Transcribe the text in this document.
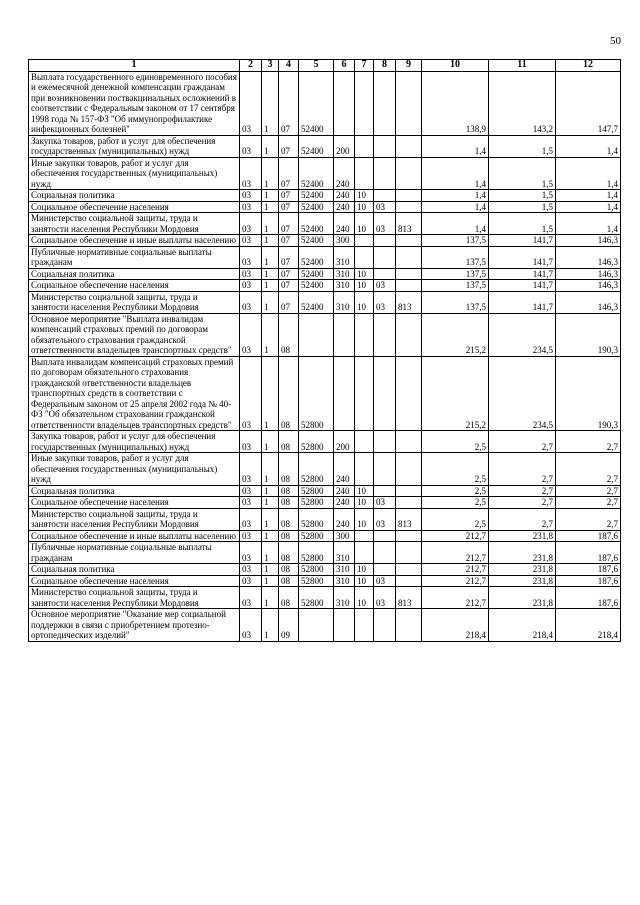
50
1	2	3	4	5	6	7	8	9	10	11	12
Выплата государственного единовременного пособия и ежемесячной денежной компенсации гражданам при возникновении поствакцинальных осложнений в соответствии с Федеральным законом от 17 сентября 1998 года № 157-ФЗ "Об иммунопрофилактике инфекционных болезней"	03	1	07	52400					138,9	143,2	147,7
Закупка товаров, работ и услуг для обеспечения государственных (муниципальных) нужд	03	1	07	52400	200				1,4	1,5	1,4
Иные закупки товаров, работ и услуг для обеспечения государственных (муниципальных) нужд	03	1	07	52400	240				1,4	1,5	1,4
Социальная политика	03	1	07	52400	240	10			1,4	1,5	1,4
Социальное обеспечение населения	03	1	07	52400	240	10	03		1,4	1,5	1,4
Министерство социальной защиты, труда и занятости населения Республики Мордовия	03	1	07	52400	240	10	03	813	1,4	1,5	1,4
Социальное обеспечение и иные выплаты населению	03	1	07	52400	300				137,5	141,7	146,3
Публичные нормативные социальные выплаты гражданам	03	1	07	52400	310				137,5	141,7	146,3
Социальная политика	03	1	07	52400	310	10			137,5	141,7	146,3
Социальное обеспечение населения	03	1	07	52400	310	10	03		137,5	141,7	146,3
Министерство социальной защиты, труда и занятости населения Республики Мордовия	03	1	07	52400	310	10	03	813	137,5	141,7	146,3
Основное мероприятие "Выплата инвалидам компенсаций страховых премий по договорам обязательного страхования гражданской ответственности владельцев транспортных средств"	03	1	08						215,2	234,5	190,3
Выплата инвалидам компенсаций страховых премий по договорам обязательного страхования гражданской ответственности владельцев транспортных средств в соответствии с Федеральным законом от 25 апреля 2002 года № 40-ФЗ "Об обязательном страховании гражданской ответственности владельцев транспортных средств"	03	1	08	52800					215,2	234,5	190,3
Закупка товаров, работ и услуг для обеспечения государственных (муниципальных) нужд	03	1	08	52800	200				2,5	2,7	2,7
Иные закупки товаров, работ и услуг для обеспечения государственных (муниципальных) нужд	03	1	08	52800	240				2,5	2,7	2,7
Социальная политика	03	1	08	52800	240	10			2,5	2,7	2,7
Социальное обеспечение населения	03	1	08	52800	240	10	03		2,5	2,7	2,7
Министерство социальной защиты, труда и занятости населения Республики Мордовия	03	1	08	52800	240	10	03	813	2,5	2,7	2,7
Социальное обеспечение и иные выплаты населению	03	1	08	52800	300				212,7	231,8	187,6
Публичные нормативные социальные выплаты гражданам	03	1	08	52800	310				212,7	231,8	187,6
Социальная политика	03	1	08	52800	310	10			212,7	231,8	187,6
Социальное обеспечение населения	03	1	08	52800	310	10	03		212,7	231,8	187,6
Министерство социальной защиты, труда и занятости населения Республики Мордовия	03	1	08	52800	310	10	03	813	212,7	231,8	187,6
Основное мероприятие "Оказание мер социальной поддержки в связи с приобретением протезно-ортопедических изделий"	03	1	09						218,4	218,4	218,4
